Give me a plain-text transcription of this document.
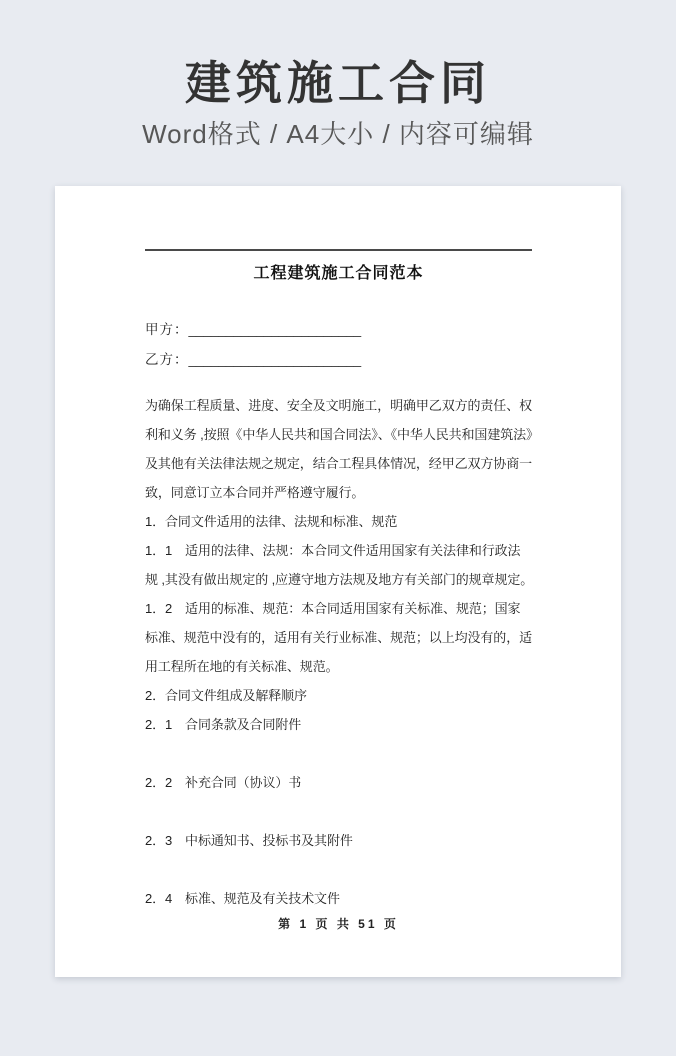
建筑施工合同
Word格式 / A4大小 / 内容可编辑
工程建筑施工合同范本
甲方：_______________________
乙方：_______________________
为确保工程质量、进度、安全及文明施工，明确甲乙双方的责任、权
利和义务 ,按照《中华人民共和国合同法》、《中华人民共和国建筑法》
及其他有关法律法规之规定，结合工程具体情况，经甲乙双方协商一
致，同意订立本合同并严格遵守履行。
1．合同文件适用的法律、法规和标准、规范
1．1　适用的法律、法规：本合同文件适用国家有关法律和行政法
规 ,其没有做出规定的 ,应遵守地方法规及地方有关部门的规章规定。
1．2　适用的标准、规范：本合同适用国家有关标准、规范；国家
标准、规范中没有的，适用有关行业标准、规范；以上均没有的，适
用工程所在地的有关标准、规范。
2．合同文件组成及解释顺序
2．1　合同条款及合同附件

2．2　补充合同（协议）书

2．3　中标通知书、投标书及其附件

2．4　标准、规范及有关技术文件
第 1 页 共 51 页
